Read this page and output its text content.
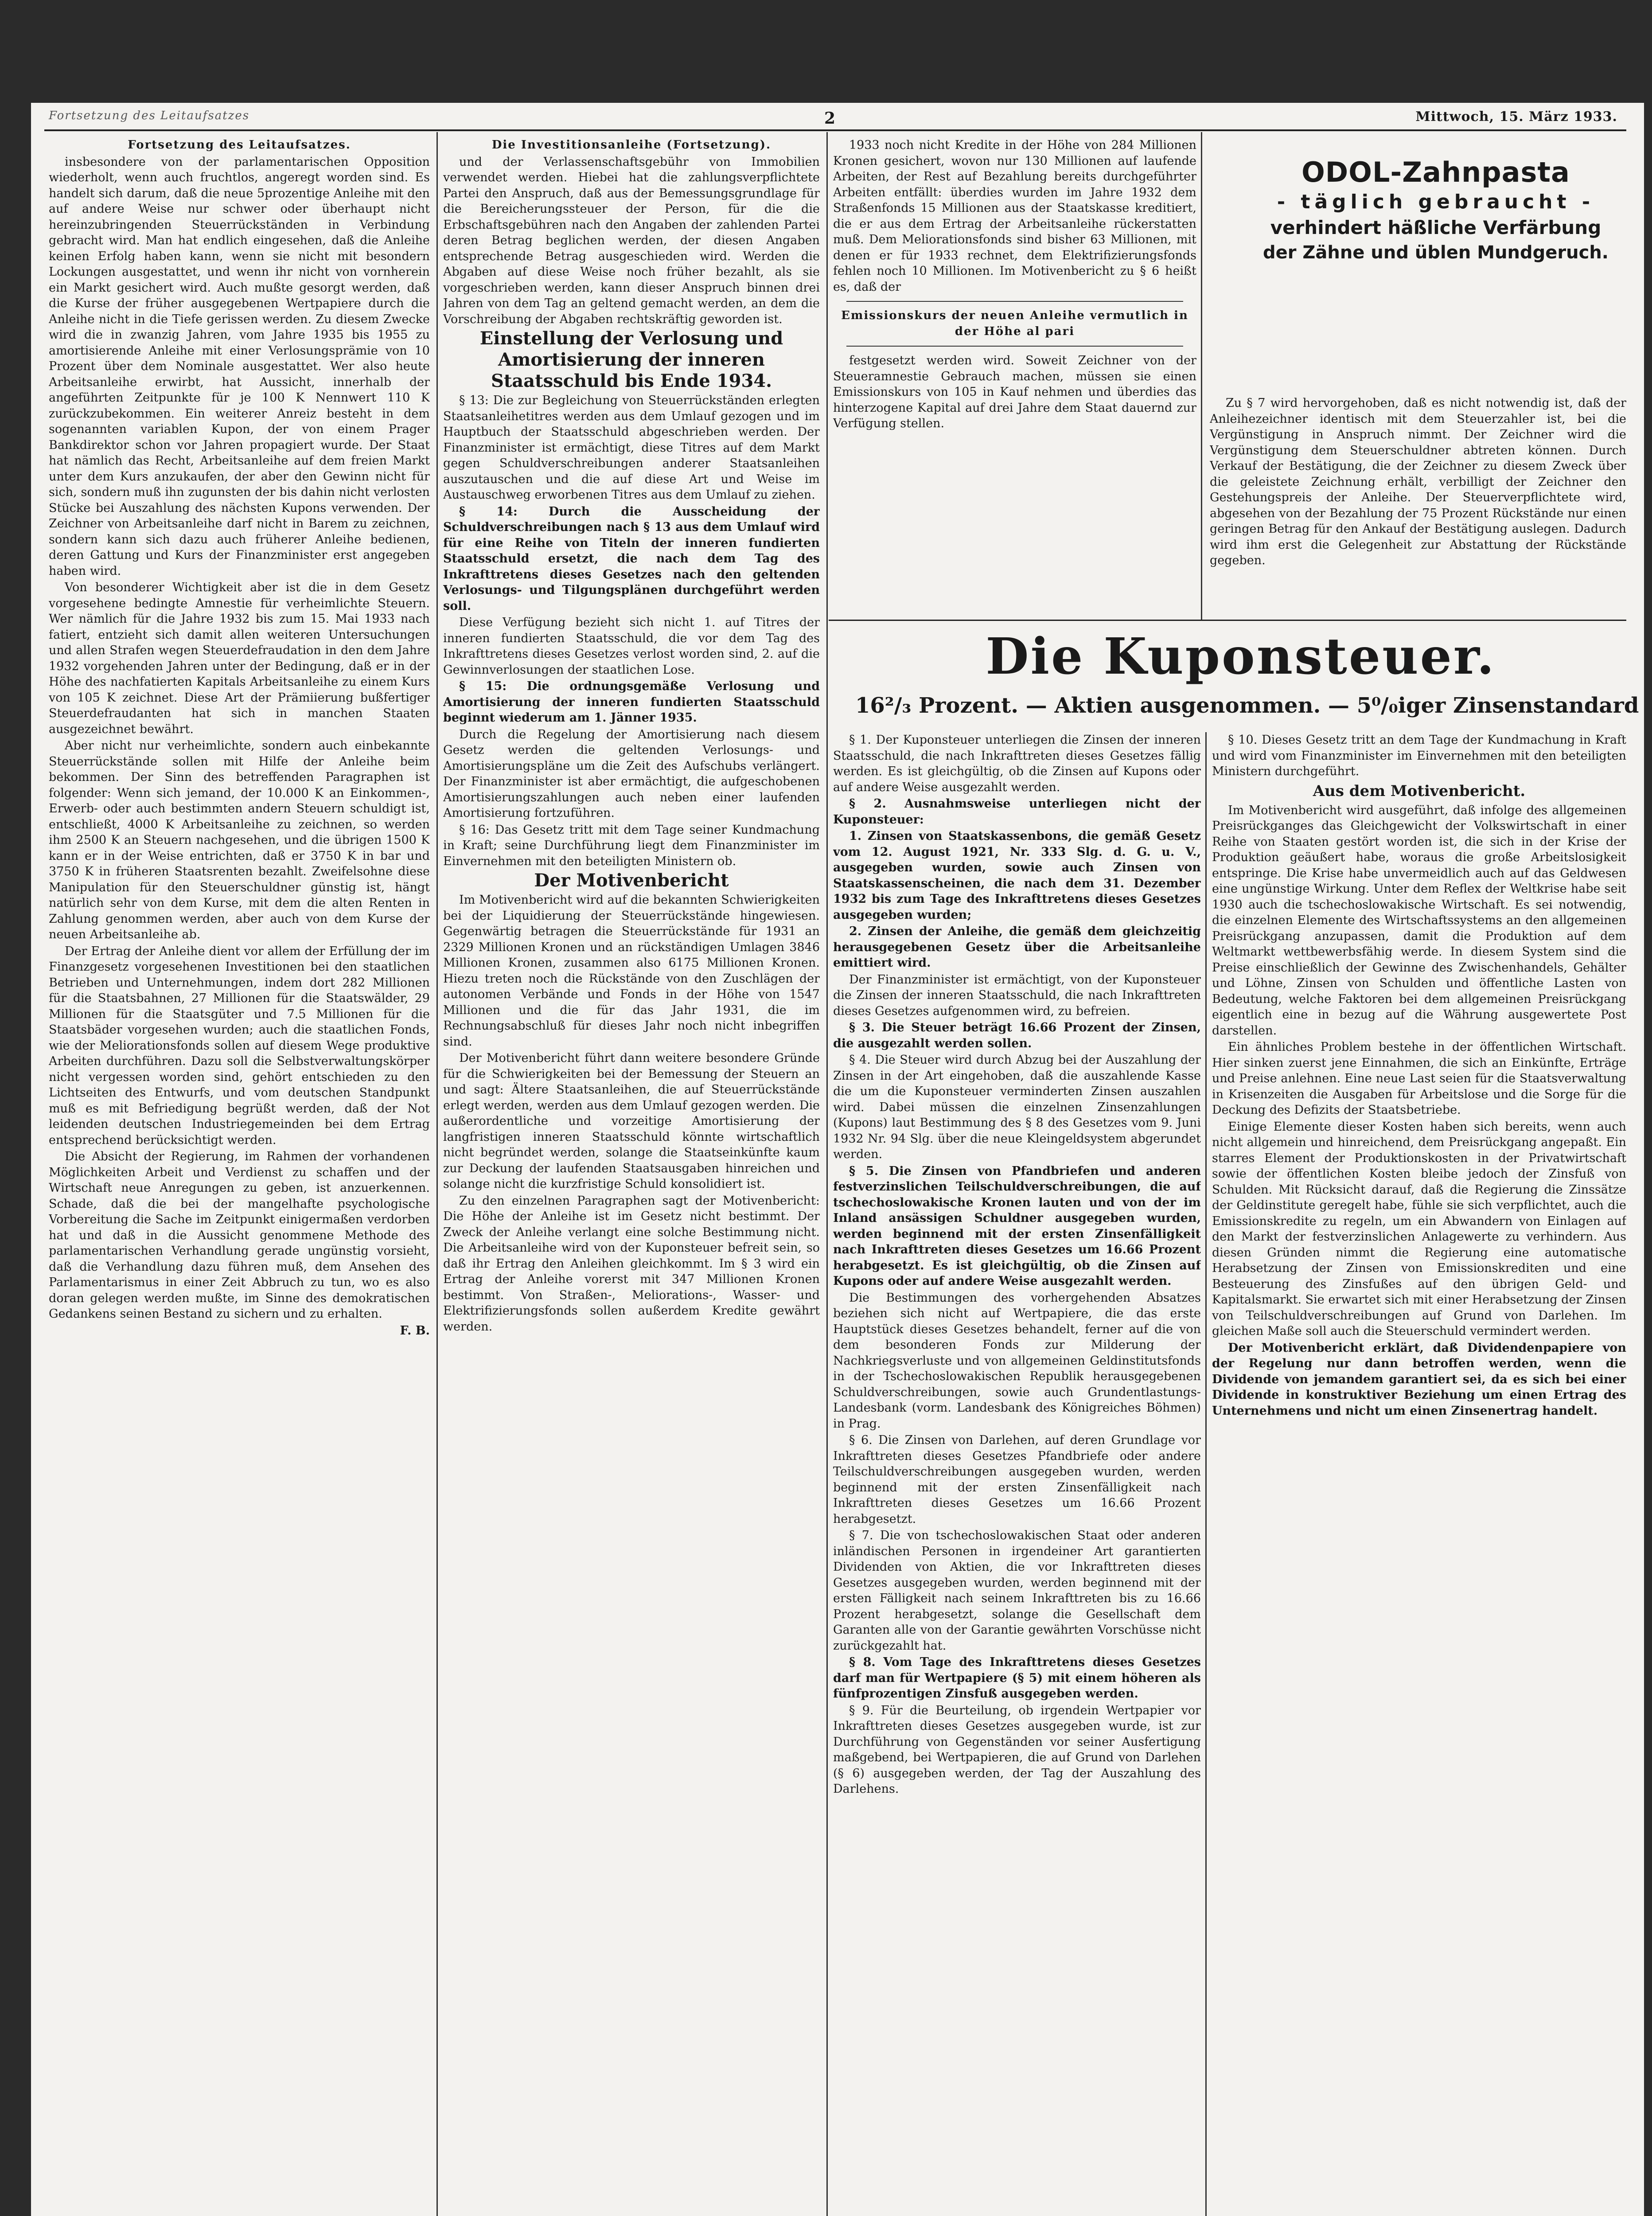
Fortsetzung des Leitaufsatzes	2	Mittwoch, 15. März 1933.

Fortsetzung des Leitaufsatzes.

insbesondere von der parlamentarischen Opposition wiederholt, wenn auch fruchtlos, angeregt worden sind. Es handelt sich darum, daß die neue 5prozentige Anleihe mit den auf andere Weise nur schwer oder überhaupt nicht hereinzubringenden Steuerrückständen in Verbindung gebracht wird. Man hat endlich eingesehen, daß die Anleihe keinen Erfolg haben kann, wenn sie nicht mit besondern Lockungen ausgestattet, und wenn ihr nicht von vornherein ein Markt gesichert wird. Auch mußte gesorgt werden, daß die Kurse der früher ausgegebenen Wertpapiere durch die Anleihe nicht in die Tiefe gerissen werden. Zu diesem Zwecke wird die in zwanzig Jahren, vom Jahre 1935 bis 1955 zu amortisierende Anleihe mit einer Verlosungsprämie von 10 Prozent über dem Nominale ausgestattet. Wer also heute Arbeitsanleihe erwirbt, hat Aussicht, innerhalb der angeführten Zeitpunkte für je 100 K Nennwert 110 K zurückzubekommen. Ein weiterer Anreiz besteht in dem sogenannten variablen Kupon, der von einem Prager Bankdirektor schon vor Jahren propagiert wurde. Der Staat hat nämlich das Recht, Arbeitsanleihe auf dem freien Markt unter dem Kurs anzukaufen, der aber den Gewinn nicht für sich, sondern muß ihn zugunsten der bis dahin nicht verlosten Stücke bei Auszahlung des nächsten Kupons verwenden. Der Zeichner von Arbeitsanleihe darf nicht in Barem zu zeichnen, sondern kann sich dazu auch früherer Anleihe bedienen, deren Gattung und Kurs der Finanzminister erst angegeben haben wird.

Von besonderer Wichtigkeit aber ist die in dem Gesetz vorgesehene bedingte Amnestie für verheimlichte Steuern. Wer nämlich für die Jahre 1932 bis zum 15. Mai 1933 nach fatiert, entzieht sich damit allen weiteren Untersuchungen und allen Strafen wegen Steuerdefraudation in den dem Jahre 1932 vorgehenden Jahren unter der Bedingung, daß er in der Höhe des nachfatierten Kapitals Arbeitsanleihe zu einem Kurs von 105 K zeichnet. Diese Art der Prämiierung bußfertiger Steuerdefraudanten hat sich in manchen Staaten ausgezeichnet bewährt.

Aber nicht nur verheimlichte, sondern auch einbekannte Steuerrückstände sollen mit Hilfe der Anleihe beim bekommen. Der Sinn des betreffenden Paragraphen ist folgender: Wenn sich jemand, der 10.000 K an Einkommen-, Erwerb- oder auch bestimmten andern Steuern schuldigt ist, entschließt, 4000 K Arbeitsanleihe zu zeichnen, so werden ihm 2500 K an Steuern nachgesehen, und die übrigen 1500 K kann er in der Weise entrichten, daß er 3750 K in bar und 3750 K in früheren Staatsrenten bezahlt. Zweifelsohne diese Manipulation für den Steuerschuldner günstig ist, hängt natürlich sehr von dem Kurse, mit dem die alten Renten in Zahlung genommen werden, aber auch von dem Kurse der neuen Arbeitsanleihe ab.

Der Ertrag der Anleihe dient vor allem der Erfüllung der im Finanzgesetz vorgesehenen Investitionen bei den staatlichen Betrieben und Unternehmungen, indem dort 282 Millionen für die Staatsbahnen, 27 Millionen für die Staatswälder, 29 Millionen für die Staatsgüter und 7.5 Millionen für die Staatsbäder vorgesehen wurden; auch die staatlichen Fonds, wie der Meliorationsfonds sollen auf diesem Wege produktive Arbeiten durchführen. Dazu soll die Selbstverwaltungskörper nicht vergessen worden sind, gehört entschieden zu den Lichtseiten des Entwurfs, und vom deutschen Standpunkt muß es mit Befriedigung begrüßt werden, daß der Not leidenden deutschen Industriegemeinden bei dem Ertrag entsprechend berücksichtigt werden.

Die Absicht der Regierung, im Rahmen der vorhandenen Möglichkeiten Arbeit und Verdienst zu schaffen und der Wirtschaft neue Anregungen zu geben, ist anzuerkennen. Schade, daß die bei der mangelhafte psychologische Vorbereitung die Sache im Zeitpunkt einigermaßen verdorben hat und daß in die Aussicht genommene Methode des parlamentarischen Verhandlung gerade ungünstig vorsieht, daß die Verhandlung dazu führen muß, dem Ansehen des Parlamentarismus in einer Zeit Abbruch zu tun, wo es also doran gelegen werden mußte, im Sinne des demokratischen Gedankens seinen Bestand zu sichern und zu erhalten.

F. B.

Die Investitionsanleihe (Fortsetzung).

und der Verlassenschaftsgebühr von Immobilien verwendet werden. Hiebei hat die zahlungsverpflichtete Partei den Anspruch, daß aus der Bemessungsgrundlage für die Bereicherungssteuer der Person, für die die Erbschaftsgebühren nach den Angaben der zahlenden Partei deren Betrag beglichen werden, der diesen Angaben entsprechende Betrag ausgeschieden wird. Werden die Abgaben auf diese Weise noch früher bezahlt, als sie vorgeschrieben werden, kann dieser Anspruch binnen drei Jahren von dem Tag an geltend gemacht werden, an dem die Vorschreibung der Abgaben rechtskräftig geworden ist.

Einstellung der Verlosung und Amortisierung der inneren Staatsschuld bis Ende 1934.

§ 13: Die zur Begleichung von Steuerrückständen erlegten Staatsanleihetitres werden aus dem Umlauf gezogen und im Hauptbuch der Staatsschuld abgeschrieben werden. Der Finanzminister ist ermächtigt, diese Titres auf dem Markt gegen Schuldverschreibungen anderer Staatsanleihen auszutauschen und die auf diese Art und Weise im Austauschweg erworbenen Titres aus dem Umlauf zu ziehen.

§ 14: Durch die Ausscheidung der Schuldverschreibungen nach § 13 aus dem Umlauf wird für eine Reihe von Titeln der inneren fundierten Staatsschuld ersetzt, die nach dem Tag des Inkrafttretens dieses Gesetzes nach den geltenden Verlosungs- und Tilgungsplänen durchgeführt werden soll.

Diese Verfügung bezieht sich nicht 1. auf Titres der inneren fundierten Staatsschuld, die vor dem Tag des Inkrafttretens dieses Gesetzes verlost worden sind, 2. auf die Gewinnverlosungen der staatlichen Lose.

§ 15: Die ordnungsgemäße Verlosung und Amortisierung der inneren fundierten Staatsschuld beginnt wiederum am 1. Jänner 1935.

Durch die Regelung der Amortisierung nach diesem Gesetz werden die geltenden Verlosungs- und Amortisierungspläne um die Zeit des Aufschubs verlängert. Der Finanzminister ist aber ermächtigt, die aufgeschobenen Amortisierungszahlungen auch neben einer laufenden Amortisierung fortzuführen.

§ 16: Das Gesetz tritt mit dem Tage seiner Kundmachung in Kraft; seine Durchführung liegt dem Finanzminister im Einvernehmen mit den beteiligten Ministern ob.

Der Motivenbericht

Im Motivenbericht wird auf die bekannten Schwierigkeiten bei der Liquidierung der Steuerrückstände hingewiesen. Gegenwärtig betragen die Steuerrückstände für 1931 an 2329 Millionen Kronen und an rückständigen Umlagen 3846 Millionen Kronen, zusammen also 6175 Millionen Kronen. Hiezu treten noch die Rückstände von den Zuschlägen der autonomen Verbände und Fonds in der Höhe von 1547 Millionen und die für das Jahr 1931, die im Rechnungsabschluß für dieses Jahr noch nicht inbegriffen sind.

Der Motivenbericht führt dann weitere besondere Gründe für die Schwierigkeiten bei der Bemessung der Steuern an und sagt: Ältere Staatsanleihen, die auf Steuerrückstände erlegt werden, werden aus dem Umlauf gezogen werden. Die außerordentliche und vorzeitige Amortisierung der langfristigen inneren Staatsschuld könnte wirtschaftlich nicht begründet werden, solange die Staatseinkünfte kaum zur Deckung der laufenden Staatsausgaben hinreichen und solange nicht die kurzfristige Schuld konsolidiert ist.

Zu den einzelnen Paragraphen sagt der Motivenbericht: Die Höhe der Anleihe ist im Gesetz nicht bestimmt. Der Zweck der Anleihe verlangt eine solche Bestimmung nicht. Die Arbeitsanleihe wird von der Kuponsteuer befreit sein, so daß ihr Ertrag den Anleihen gleichkommt. Im § 3 wird ein Ertrag der Anleihe vorerst mit 347 Millionen Kronen bestimmt. Von Straßen-, Meliorations-, Wasser- und Elektrifizierungsfonds sollen außerdem Kredite gewährt werden.

1933 noch nicht Kredite in der Höhe von 284 Millionen Kronen gesichert, wovon nur 130 Millionen auf laufende Arbeiten, der Rest auf Bezahlung bereits durchgeführter Arbeiten entfällt: überdies wurden im Jahre 1932 dem Straßenfonds 15 Millionen aus der Staatskasse kreditiert, die er aus dem Ertrag der Arbeitsanleihe rückerstatten muß. Dem Meliorationsfonds sind bisher 63 Millionen, mit denen er für 1933 rechnet, dem Elektrifizierungsfonds fehlen noch 10 Millionen. Im Motivenbericht zu § 6 heißt es, daß der

Emissionskurs der neuen Anleihe vermutlich in der Höhe al pari

festgesetzt werden wird. Soweit Zeichner von der Steueramnestie Gebrauch machen, müssen sie einen Emissionskurs von 105 in Kauf nehmen und überdies das hinterzogene Kapital auf drei Jahre dem Staat dauernd zur Verfügung stellen.

ODOL-Zahnpasta
- täglich gebraucht -
verhindert häßliche Verfärbung
der Zähne und üblen Mundgeruch.

Zu § 7 wird hervorgehoben, daß es nicht notwendig ist, daß der Anleihezeichner identisch mit dem Steuerzahler ist, bei die Vergünstigung in Anspruch nimmt. Der Zeichner wird die Vergünstigung dem Steuerschuldner abtreten können. Durch Verkauf der Bestätigung, die der Zeichner zu diesem Zweck über die geleistete Zeichnung erhält, verbilligt der Zeichner den Gestehungspreis der Anleihe. Der Steuerverpflichtete wird, abgesehen von der Bezahlung der 75 Prozent Rückstände nur einen geringen Betrag für den Ankauf der Bestätigung auslegen. Dadurch wird ihm erst die Gelegenheit zur Abstattung der Rückstände gegeben.

Die Kuponsteuer.
16²/₃ Prozent. — Aktien ausgenommen. — 5⁰/₀iger Zinsenstandard

§ 1. Der Kuponsteuer unterliegen die Zinsen der inneren Staatsschuld, die nach Inkrafttreten dieses Gesetzes fällig werden. Es ist gleichgültig, ob die Zinsen auf Kupons oder auf andere Weise ausgezahlt werden.

§ 2. Ausnahmsweise unterliegen nicht der Kuponsteuer:

1. Zinsen von Staatskassenbons, die gemäß Gesetz vom 12. August 1921, Nr. 333 Slg. d. G. u. V., ausgegeben wurden, sowie auch Zinsen von Staatskassenscheinen, die nach dem 31. Dezember 1932 bis zum Tage des Inkrafttretens dieses Gesetzes ausgegeben wurden;

2. Zinsen der Anleihe, die gemäß dem gleichzeitig herausgegebenen Gesetz über die Arbeitsanleihe emittiert wird.

Der Finanzminister ist ermächtigt, von der Kuponsteuer die Zinsen der inneren Staatsschuld, die nach Inkrafttreten dieses Gesetzes aufgenommen wird, zu befreien.

§ 3. Die Steuer beträgt 16.66 Prozent der Zinsen, die ausgezahlt werden sollen.

§ 4. Die Steuer wird durch Abzug bei der Auszahlung der Zinsen in der Art eingehoben, daß die auszahlende Kasse die um die Kuponsteuer verminderten Zinsen auszahlen wird. Dabei müssen die einzelnen Zinsenzahlungen (Kupons) laut Bestimmung des § 8 des Gesetzes vom 9. Juni 1932 Nr. 94 Slg. über die neue Kleingeldsystem abgerundet werden.

§ 5. Die Zinsen von Pfandbriefen und anderen festverzinslichen Teilschuldverschreibungen, die auf tschechoslowakische Kronen lauten und von der im Inland ansässigen Schuldner ausgegeben wurden, werden beginnend mit der ersten Zinsenfälligkeit nach Inkrafttreten dieses Gesetzes um 16.66 Prozent herabgesetzt. Es ist gleichgültig, ob die Zinsen auf Kupons oder auf andere Weise ausgezahlt werden.

Die Bestimmungen des vorhergehenden Absatzes beziehen sich nicht auf Wertpapiere, die das erste Hauptstück dieses Gesetzes behandelt, ferner auf die von dem besonderen Fonds zur Milderung der Nachkriegsverluste und von allgemeinen Geldinstitutsfonds in der Tschechoslowakischen Republik herausgegebenen Schuldverschreibungen, sowie auch Grundentlastungs-Landesbank (vorm. Landesbank des Königreiches Böhmen) in Prag.

§ 6. Die Zinsen von Darlehen, auf deren Grundlage vor Inkrafttreten dieses Gesetzes Pfandbriefe oder andere Teilschuldverschreibungen ausgegeben wurden, werden beginnend mit der ersten Zinsenfälligkeit nach Inkrafttreten dieses Gesetzes um 16.66 Prozent herabgesetzt.

§ 7. Die von tschechoslowakischen Staat oder anderen inländischen Personen in irgendeiner Art garantierten Dividenden von Aktien, die vor Inkrafttreten dieses Gesetzes ausgegeben wurden, werden beginnend mit der ersten Fälligkeit nach seinem Inkrafttreten bis zu 16.66 Prozent herabgesetzt, solange die Gesellschaft dem Garanten alle von der Garantie gewährten Vorschüsse nicht zurückgezahlt hat.

§ 8. Vom Tage des Inkrafttretens dieses Gesetzes darf man für Wertpapiere (§ 5) mit einem höheren als fünfprozentigen Zinsfuß ausgegeben werden.

§ 9. Für die Beurteilung, ob irgendein Wertpapier vor Inkrafttreten dieses Gesetzes ausgegeben wurde, ist zur Durchführung von Gegenständen vor seiner Ausfertigung maßgebend, bei Wertpapieren, die auf Grund von Darlehen (§ 6) ausgegeben werden, der Tag der Auszahlung des Darlehens.

§ 10. Dieses Gesetz tritt an dem Tage der Kundmachung in Kraft und wird vom Finanzminister im Einvernehmen mit den beteiligten Ministern durchgeführt.

Aus dem Motivenbericht.

Im Motivenbericht wird ausgeführt, daß infolge des allgemeinen Preisrückganges das Gleichgewicht der Volkswirtschaft in einer Reihe von Staaten gestört worden ist, die sich in der Krise der Produktion geäußert habe, woraus die große Arbeitslosigkeit entspringe. Die Krise habe unvermeidlich auch auf das Geldwesen eine ungünstige Wirkung. Unter dem Reflex der Weltkrise habe seit 1930 auch die tschechoslowakische Wirtschaft. Es sei notwendig, die einzelnen Elemente des Wirtschaftssystems an den allgemeinen Preisrückgang anzupassen, damit die Produktion auf dem Weltmarkt wettbewerbsfähig werde. In diesem System sind die Preise einschließlich der Gewinne des Zwischenhandels, Gehälter und Löhne, Zinsen von Schulden und öffentliche Lasten von Bedeutung, welche Faktoren bei dem allgemeinen Preisrückgang eigentlich eine in bezug auf die Währung ausgewertete Post darstellen.

Ein ähnliches Problem bestehe in der öffentlichen Wirtschaft. Hier sinken zuerst jene Einnahmen, die sich an Einkünfte, Erträge und Preise anlehnen. Eine neue Last seien für die Staatsverwaltung in Krisenzeiten die Ausgaben für Arbeitslose und die Sorge für die Deckung des Defizits der Staatsbetriebe.

Einige Elemente dieser Kosten haben sich bereits, wenn auch nicht allgemein und hinreichend, dem Preisrückgang angepaßt. Ein starres Element der Produktionskosten in der Privatwirtschaft sowie der öffentlichen Kosten bleibe jedoch der Zinsfuß von Schulden. Mit Rücksicht darauf, daß die Regierung die Zinssätze der Geldinstitute geregelt habe, fühle sie sich verpflichtet, auch die Emissionskredite zu regeln, um ein Abwandern von Einlagen auf den Markt der festverzinslichen Anlagewerte zu verhindern. Aus diesen Gründen nimmt die Regierung eine automatische Herabsetzung der Zinsen von Emissionskrediten und eine Besteuerung des Zinsfußes auf den übrigen Geld- und Kapitalsmarkt. Sie erwartet sich mit einer Herabsetzung der Zinsen von Teilschuldverschreibungen auf Grund von Darlehen. Im gleichen Maße soll auch die Steuerschuld vermindert werden.

Der Motivenbericht erklärt, daß Dividendenpapiere von der Regelung nur dann betroffen werden, wenn die Dividende von jemandem garantiert sei, da es sich bei einer Dividende in konstruktiver Beziehung um einen Ertrag des Unternehmens und nicht um einen Zinsenertrag handelt.
